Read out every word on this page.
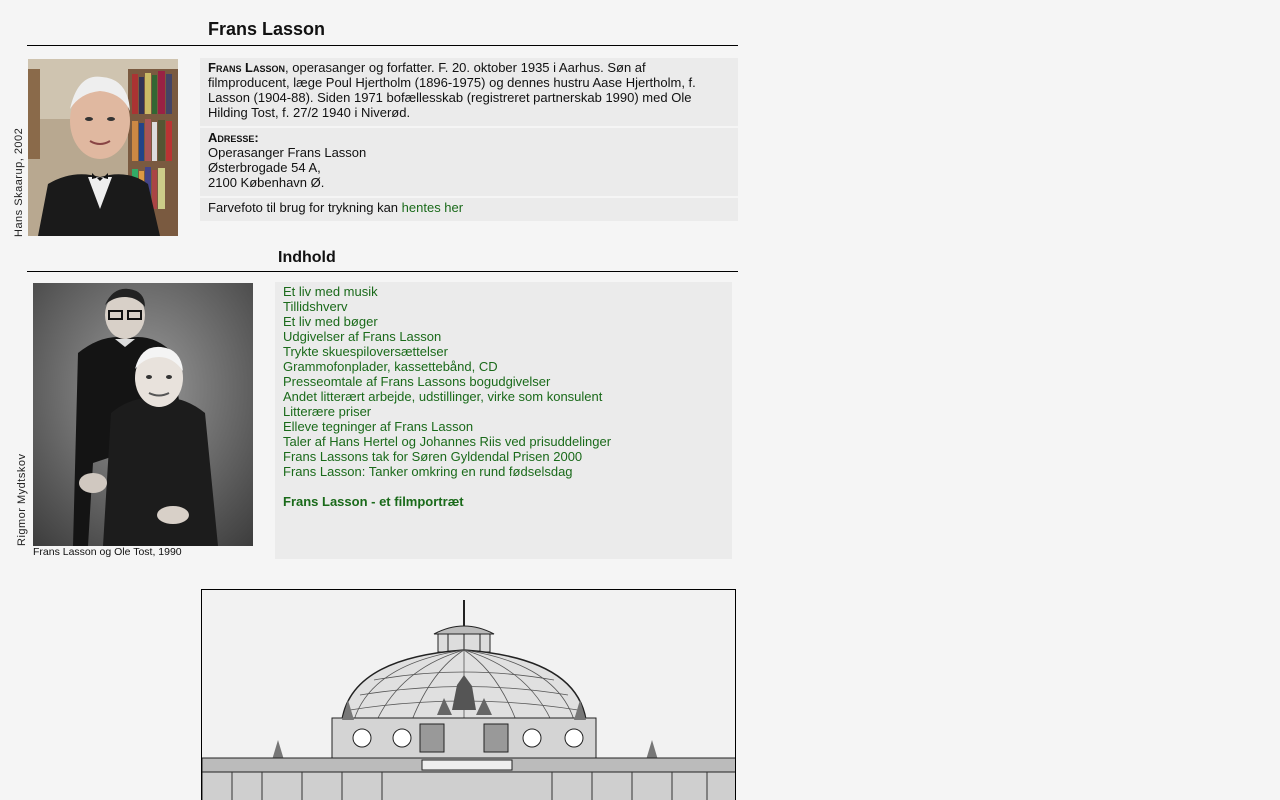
Frans Lasson
Hans Skaarup, 2002
Frans Lasson, operasanger og forfatter. F. 20. oktober 1935 i Aarhus. Søn af filmproducent, læge Poul Hjertholm (1896-1975) og dennes hustru Aase Hjertholm, f. Lasson (1904-88). Siden 1971 bofællesskab (registreret partnerskab 1990) med Ole Hilding Tost, f. 27/2 1940 i Niverød.
Adresse:
Operasanger Frans Lasson
Østerbrogade 54 A,
2100 København Ø.
Farvefoto til brug for trykning kan hentes her
Indhold
Rigmor Mydtskov
Frans Lasson og Ole Tost, 1990
Et liv med musik
Tillidshverv
Et liv med bøger
Udgivelser af Frans Lasson
Trykte skuespiloversættelser
Grammofonplader, kassettebånd, CD
Presseomtale af Frans Lassons bogudgivelser
Andet litterært arbejde, udstillinger, virke som konsulent
Litterære priser
Elleve tegninger af Frans Lasson
Taler af Hans Hertel og Johannes Riis ved prisuddelinger
Frans Lassons tak for Søren Gyldendal Prisen 2000
Frans Lasson: Tanker omkring en rund fødselsdag
Frans Lasson - et filmportræt
